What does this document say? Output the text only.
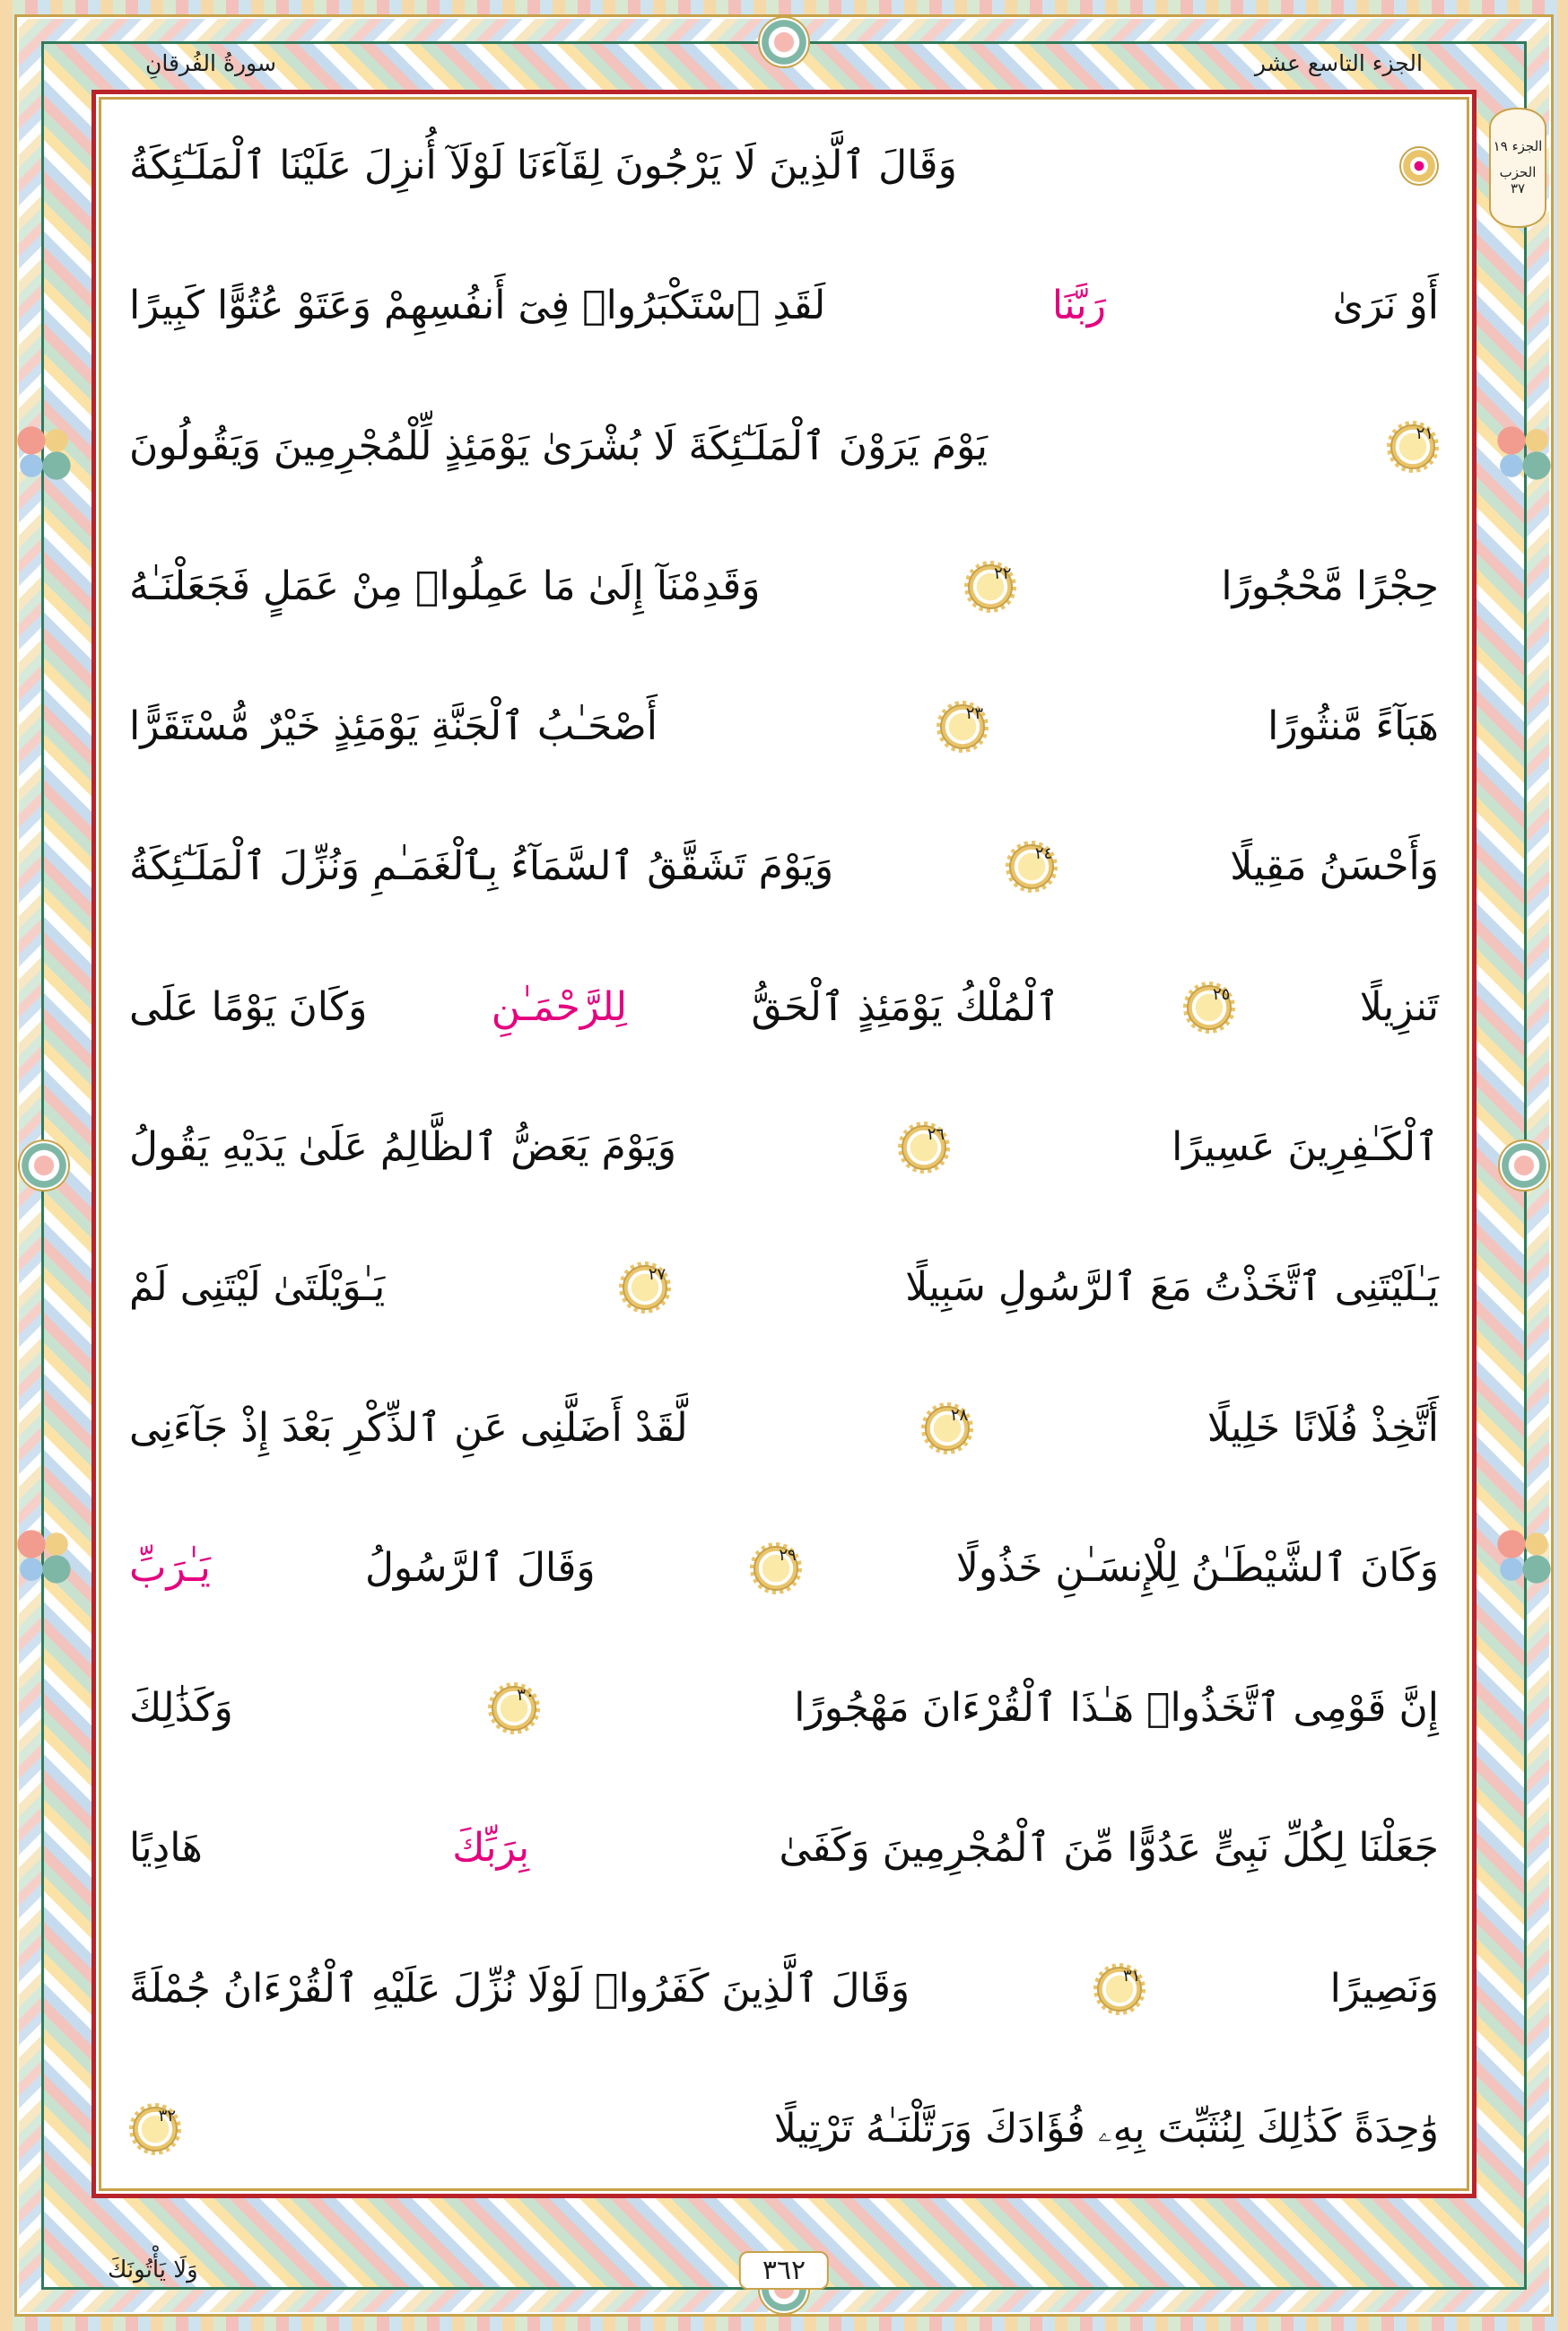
الجزء التاسع عشر
سورةُ الفُرقانِ
الجزء ١٩
الحزب ٣٧
وَقَالَ ٱلَّذِينَ لَا يَرْجُونَ لِقَآءَنَا لَوْلَآ أُنزِلَ عَلَيْنَا ٱلْمَلَـٰٓئِكَةُ
أَوْ نَرَىٰ
رَبَّنَا
لَقَدِ ٱسْتَكْبَرُوا۟ فِىٓ أَنفُسِهِمْ وَعَتَوْ عُتُوًّا كَبِيرًا
٢١
يَوْمَ يَرَوْنَ ٱلْمَلَـٰٓئِكَةَ لَا بُشْرَىٰ يَوْمَئِذٍ لِّلْمُجْرِمِينَ وَيَقُولُونَ
حِجْرًا مَّحْجُورًا
٢٢
وَقَدِمْنَآ إِلَىٰ مَا عَمِلُوا۟ مِنْ عَمَلٍ فَجَعَلْنَـٰهُ
هَبَآءً مَّنثُورًا
٢٣
أَصْحَـٰبُ ٱلْجَنَّةِ يَوْمَئِذٍ خَيْرٌ مُّسْتَقَرًّا
وَأَحْسَنُ مَقِيلًا
٢٤
وَيَوْمَ تَشَقَّقُ ٱلسَّمَآءُ بِٱلْغَمَـٰمِ وَنُزِّلَ ٱلْمَلَـٰٓئِكَةُ
تَنزِيلًا
٢٥
ٱلْمُلْكُ يَوْمَئِذٍ ٱلْحَقُّ
لِلرَّحْمَـٰنِ
وَكَانَ يَوْمًا عَلَى
ٱلْكَـٰفِرِينَ عَسِيرًا
٢٦
وَيَوْمَ يَعَضُّ ٱلظَّالِمُ عَلَىٰ يَدَيْهِ يَقُولُ
يَـٰلَيْتَنِى ٱتَّخَذْتُ مَعَ ٱلرَّسُولِ سَبِيلًا
٢٧
يَـٰوَيْلَتَىٰ لَيْتَنِى لَمْ
أَتَّخِذْ فُلَانًا خَلِيلًا
٢٨
لَّقَدْ أَضَلَّنِى عَنِ ٱلذِّكْرِ بَعْدَ إِذْ جَآءَنِى
وَكَانَ ٱلشَّيْطَـٰنُ لِلْإِنسَـٰنِ خَذُولًا
٢٩
وَقَالَ ٱلرَّسُولُ
يَـٰرَبِّ
إِنَّ قَوْمِى ٱتَّخَذُوا۟ هَـٰذَا ٱلْقُرْءَانَ مَهْجُورًا
٣٠
وَكَذَٰلِكَ
جَعَلْنَا لِكُلِّ نَبِىٍّ عَدُوًّا مِّنَ ٱلْمُجْرِمِينَ وَكَفَىٰ
بِرَبِّكَ
هَادِيًا
وَنَصِيرًا
٣١
وَقَالَ ٱلَّذِينَ كَفَرُوا۟ لَوْلَا نُزِّلَ عَلَيْهِ ٱلْقُرْءَانُ جُمْلَةً
وَٰحِدَةً كَذَٰلِكَ لِنُثَبِّتَ بِهِۦ فُؤَادَكَ وَرَتَّلْنَـٰهُ تَرْتِيلًا
٣٢
٣٦٢
وَلَا يَأْتُونَكَ
